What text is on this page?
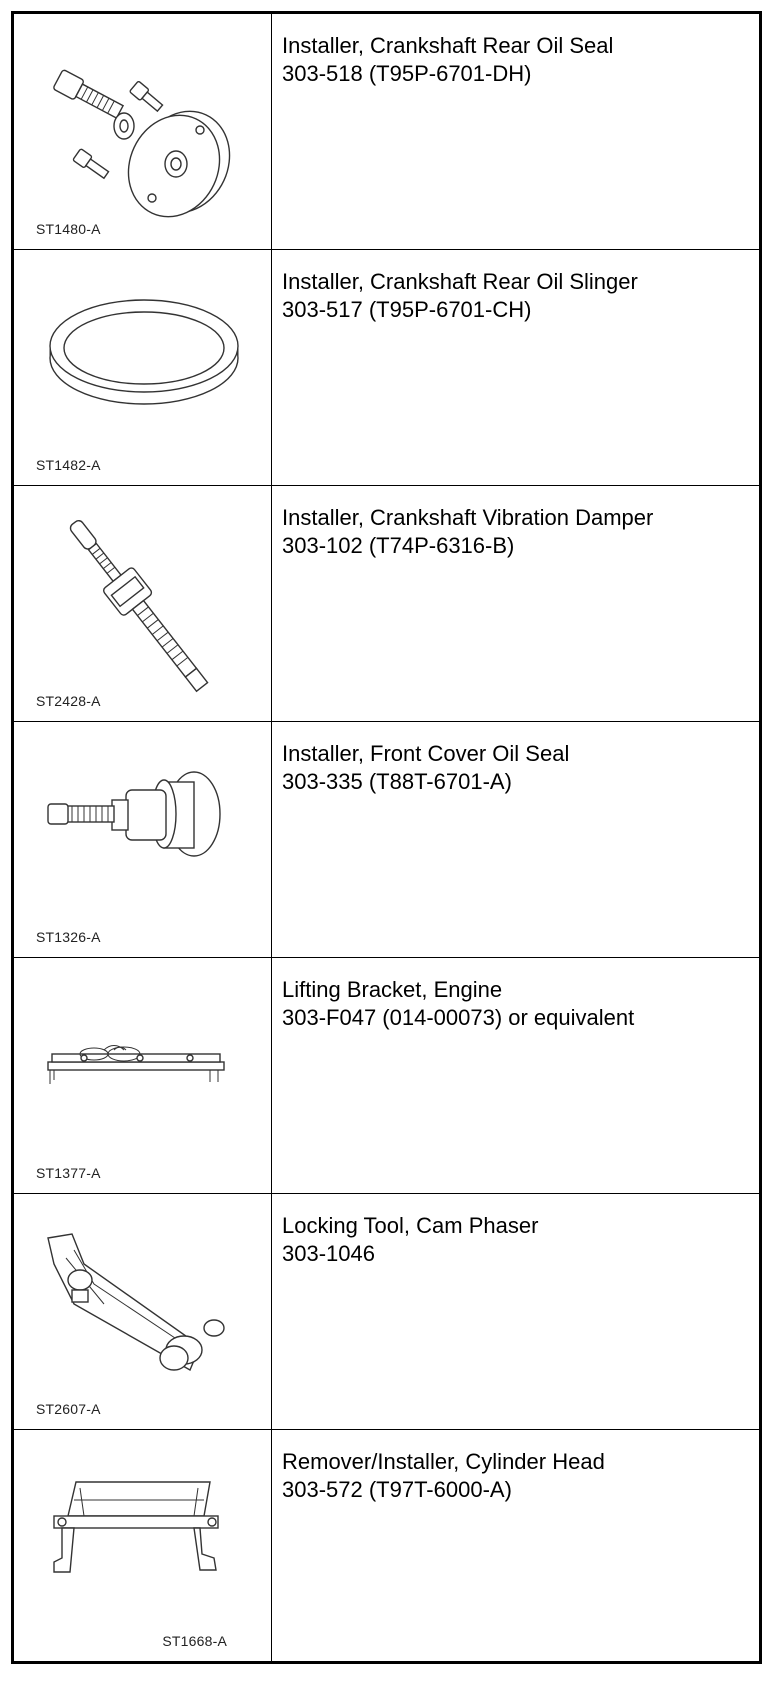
ST1480-A
Installer, Crankshaft Rear Oil Seal
303-518 (T95P-6701-DH)
ST1482-A
Installer, Crankshaft Rear Oil Slinger
303-517 (T95P-6701-CH)
ST2428-A
Installer, Crankshaft Vibration Damper
303-102 (T74P-6316-B)
ST1326-A
Installer, Front Cover Oil Seal
303-335 (T88T-6701-A)
ST1377-A
Lifting Bracket, Engine
303-F047 (014-00073) or equivalent
ST2607-A
Locking Tool, Cam Phaser
303-1046
ST1668-A
Remover/Installer, Cylinder Head
303-572 (T97T-6000-A)
